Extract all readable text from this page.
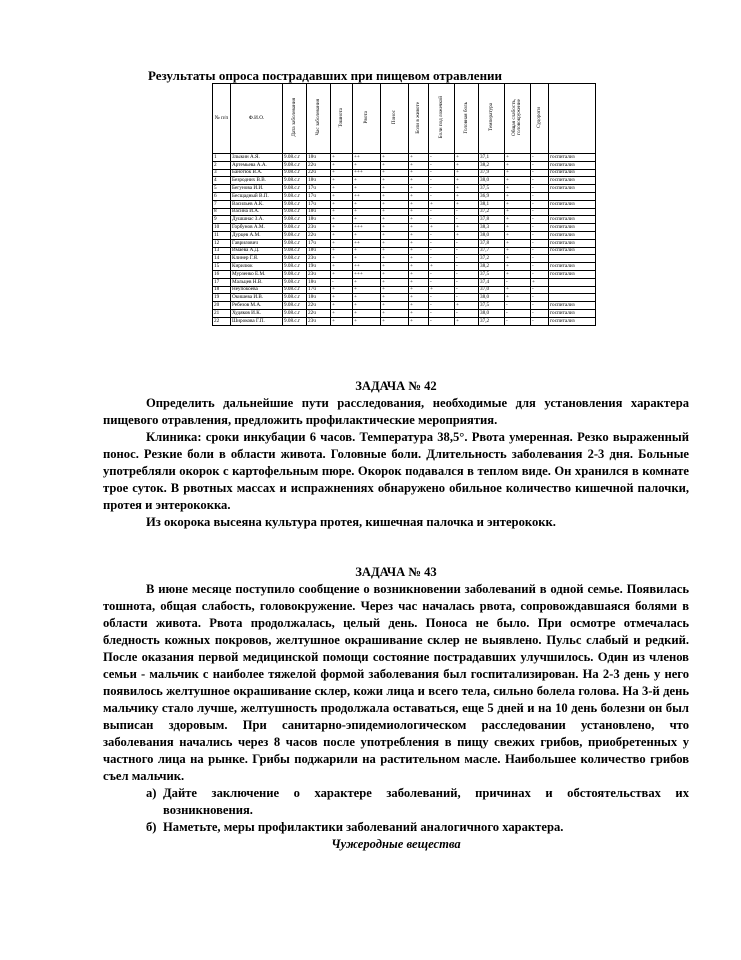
Результаты опроса пострадавших при пищевом отравлении
№ п/п	Ф.И.О.	Дата заболевания	Час заболевания	Тошнота	Рвота	Понос	Боли в животе	Боли под ложечкой	Головная боль	Температура	Общая слабость, головокружение	Судороги	
1	Злыкин А.Я.	9.08.с.г	18ч	+	++	+	+	-	+	37,1	+	-	госпитализ
2	Артемьева А.А.	9.08.с.г	22ч	+	+	+	+	-	+	38,2	+	-	госпитализ
3	Банотюк В.А.	9.08.с.г	22ч	+	+++	+	+	-	+	37,9	+	-	госпитализ
4	Безродних В.В.	9.08.с.г	18ч	+	+	+	+	-	+	38,0	+	-	госпитализ
5	Бегунова И.И.	9.08.с.г	17ч	+	+	+	+	-	+	37,5	+	-	госпитализ
6	Бесщадный В.П.	9.08.с.г	17ч	+	++	+	+	-	+	36,9	+	-	
7	Васильев А.К.	9.08.с.г	17ч	+	+	+	+	+	+	38,1	+	-	госпитализ
8	Васина И.А.	9.08.с.г	18ч	+	+	+	+	-	-	37,2	+	-	
9	Душшнас З.А.	9.08.с.г	18ч	+	+	+	+	-	-	37,8	+	-	госпитализ
10	Горбунов А.М.	9.08.с.г	23ч	+	+++	+	+	+	+	38,3	+	-	госпитализ
11	Дурцев А.М.	9.08.с.г	22ч	+	+	+	+	-	+	38,0	+	-	госпитализ
12	Гаврилович	9.08.с.г	17ч	+	++	+	+	-	-	37,8	+	-	госпитализ
13	Имаева А.Д.	9.08.с.г	18ч	+	+	+	+	-	-	37,7	+	-	госпитализ
14	Клинер Г.Я.	9.08.с.г	23ч	+	+	+	+	-	-	37,2	+	-	
15	Кирилюк	9.08.с.г	19ч	+	++	+	+	+	-	38,2	+	-	госпитализ
16	Мурзенко Е.М.	9.08.с.г	23ч	+	+++	+	+	-	-	37,5	+	-	госпитализ
17	Мальцев Н.В.	9.08.с.г	18ч	-	+	+	+	-	-	37,4	-	+	
18	Неупокоева	9.08.с.г	17ч	+	+	+	+	+	-	37,0	+	-	
19	Окишева И.В.	9.08.с.г	18ч	+	+	+	+	-	-	38,0	+	-	
20	Ребезов М.А.	9.08.с.г	22ч	+	+	+	+	-	+	37,5	-	-	госпитализ
21	Худяков И.К.	9.08.с.г	22ч	+	+	+	+	-	-	38,0	-	-	госпитализ
22	Широкова Г.П.	9.08.с.г	23ч	+	+	+	+	-	+	37,2	-	-	госпитализ

ЗАДАЧА № 42

Определить дальнейшие пути расследования, необходимые для установления характера пищевого отравления, предложить профилактические мероприятия.

Клиника: сроки инкубации 6 часов. Температура 38,5°. Рвота умеренная. Резко выраженный понос. Резкие боли в области живота. Головные боли. Длительность заболевания 2-3 дня. Больные употребляли окорок с картофельным пюре. Окорок подавался в теплом виде. Он хранился в комнате трое суток. В рвотных массах и испражнениях обнаружено обильное количество кишечной палочки, протея и энтерококка.

Из окорока высеяна культура протея, кишечная палочка и энтерококк.

ЗАДАЧА № 43

В июне месяце поступило сообщение о возникновении заболеваний в одной семье. Появилась тошнота, общая слабость, головокружение. Через час началась рвота, сопровождавшаяся болями в области живота. Рвота продолжалась, целый день. Поноса не было. При осмотре отмечалась бледность кожных покровов, желтушное окрашивание склер не выявлено. Пульс слабый и редкий. После оказания первой медицинской помощи состояние пострадавших улучшилось. Один из членов семьи - мальчик с наиболее тяжелой формой заболевания был госпитализирован. На 2-3 день у него появилось желтушное окрашивание склер, кожи лица и всего тела, сильно болела голова. На 3-й день мальчику стало лучше, желтушность продолжала оставаться, еще 5 дней и на 10 день болезни он был выписан здоровым. При санитарно-эпидемиологическом расследовании установлено, что заболевания начались через 8 часов после употребления в пищу свежих грибов, приобретенных у частного лица на рынке. Грибы поджарили на растительном масле. Наибольшее количество грибов съел мальчик.

а) Дайте заключение о характере заболеваний, причинах и обстоятельствах их возникновения.
б) Наметьте, меры профилактики заболеваний аналогичного характера.

Чужеродные вещества
